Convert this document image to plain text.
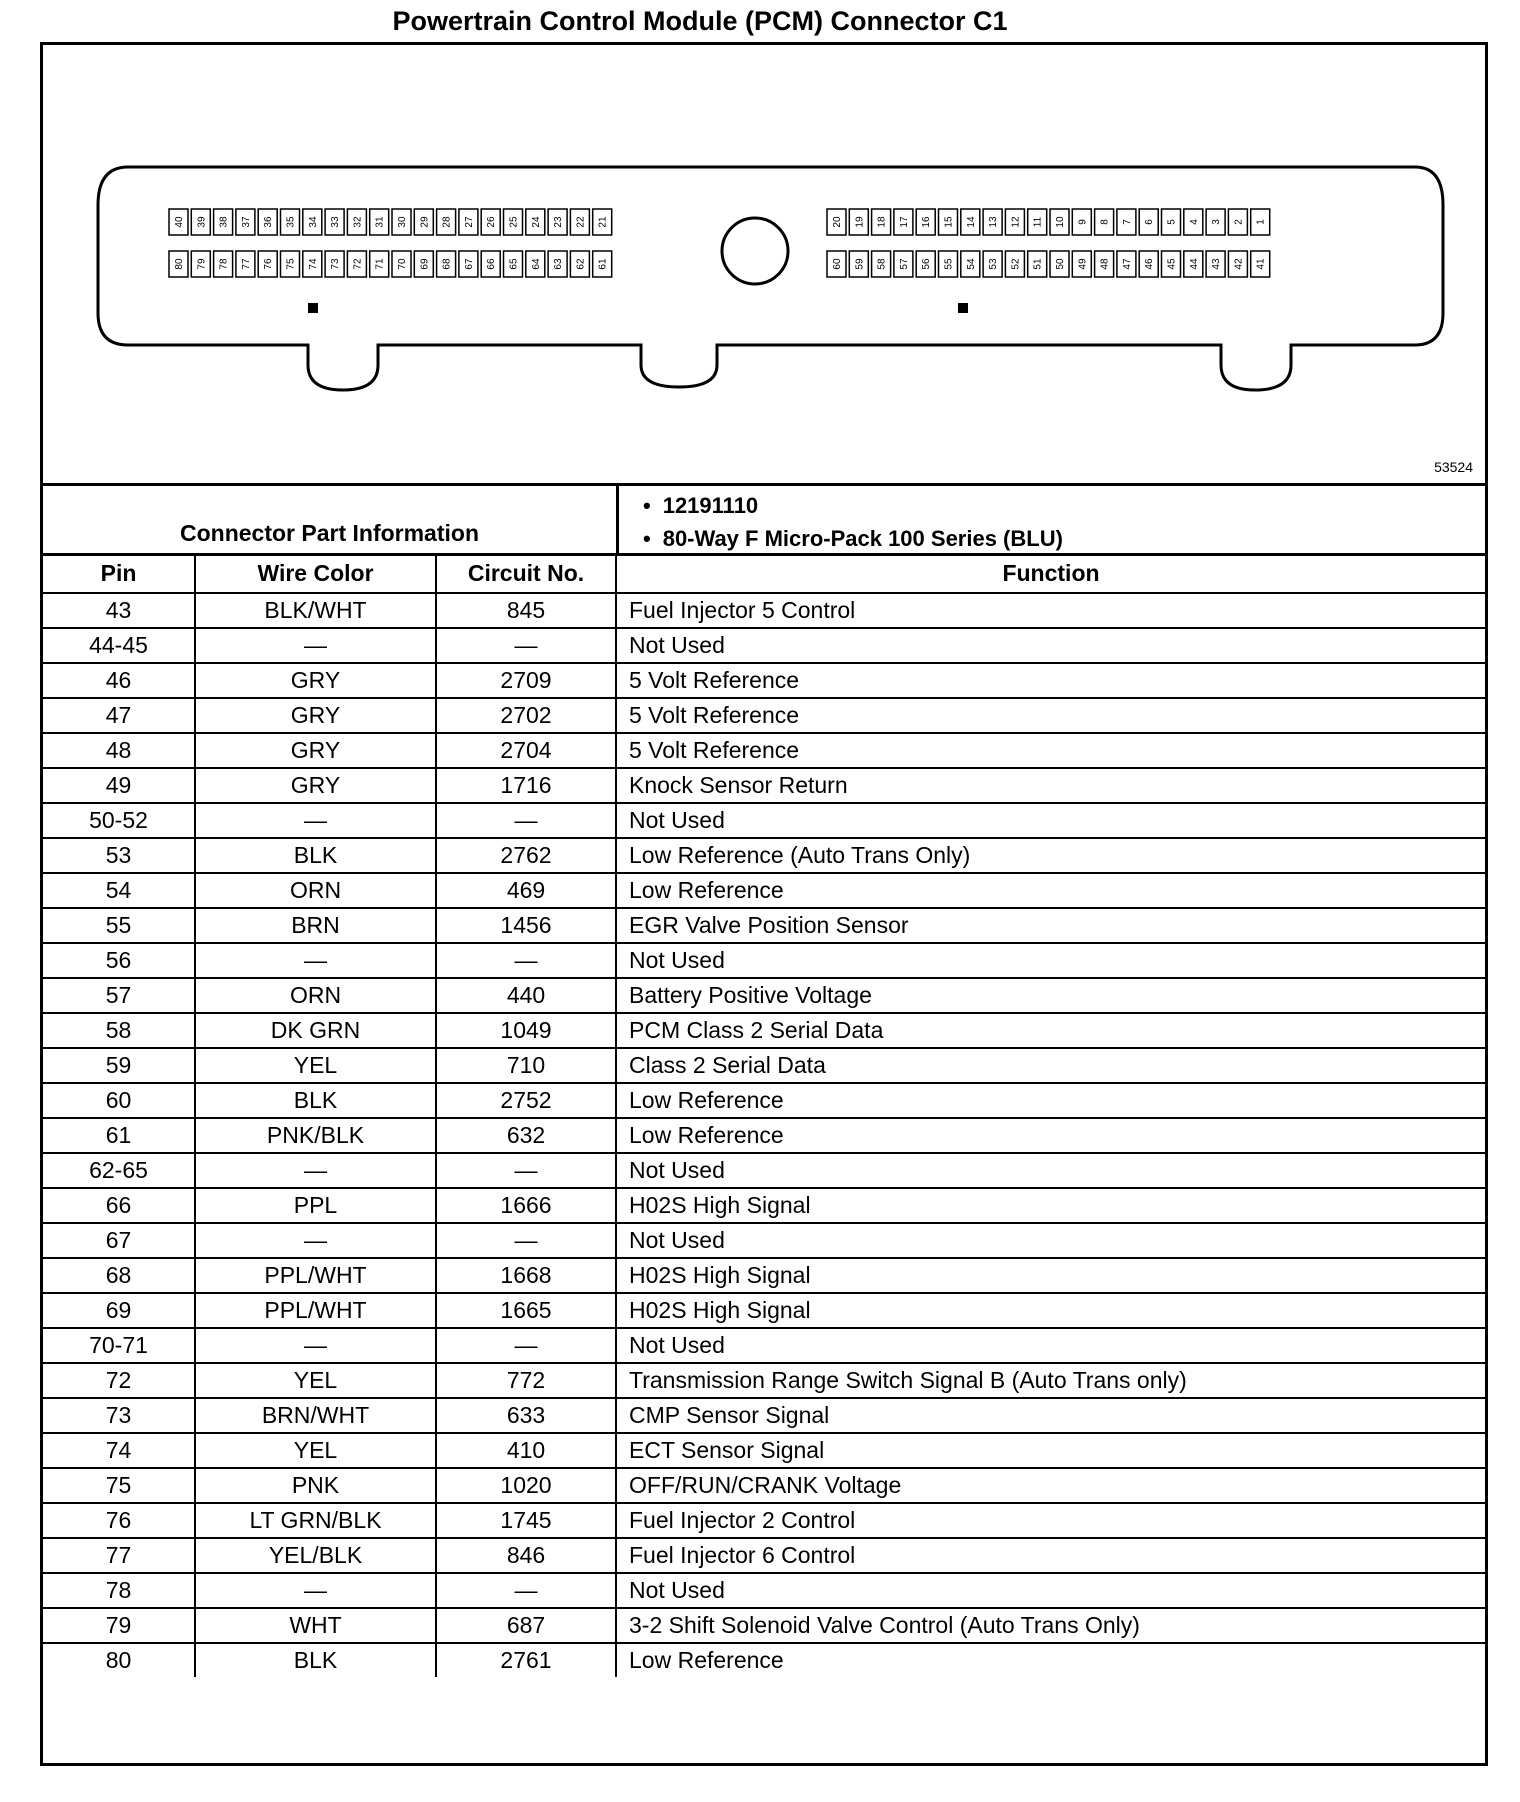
Powertrain Control Module (PCM) Connector C1
40 39 38 37 36 35 34 33 32 31 30 29 28 27 26 25 24 23 22 21
80 79 78 77 76 75 74 73 72 71 70 69 68 67 66 65 64 63 62 61
20 19 18 17 16 15 14 13 12 11 10 9 8 7 6 5 4 3 2 1
60 59 58 57 56 55 54 53 52 51 50 49 48 47 46 45 44 43 42 41
53524
Connector Part Information
• 12191110
• 80-Way F Micro-Pack 100 Series (BLU)
Pin	Wire Color	Circuit No.	Function
43	BLK/WHT	845	Fuel Injector 5 Control
44-45	—	—	Not Used
46	GRY	2709	5 Volt Reference
47	GRY	2702	5 Volt Reference
48	GRY	2704	5 Volt Reference
49	GRY	1716	Knock Sensor Return
50-52	—	—	Not Used
53	BLK	2762	Low Reference (Auto Trans Only)
54	ORN	469	Low Reference
55	BRN	1456	EGR Valve Position Sensor
56	—	—	Not Used
57	ORN	440	Battery Positive Voltage
58	DK GRN	1049	PCM Class 2 Serial Data
59	YEL	710	Class 2 Serial Data
60	BLK	2752	Low Reference
61	PNK/BLK	632	Low Reference
62-65	—	—	Not Used
66	PPL	1666	H02S High Signal
67	—	—	Not Used
68	PPL/WHT	1668	H02S High Signal
69	PPL/WHT	1665	H02S High Signal
70-71	—	—	Not Used
72	YEL	772	Transmission Range Switch Signal B (Auto Trans only)
73	BRN/WHT	633	CMP Sensor Signal
74	YEL	410	ECT Sensor Signal
75	PNK	1020	OFF/RUN/CRANK Voltage
76	LT GRN/BLK	1745	Fuel Injector 2 Control
77	YEL/BLK	846	Fuel Injector 6 Control
78	—	—	Not Used
79	WHT	687	3-2 Shift Solenoid Valve Control (Auto Trans Only)
80	BLK	2761	Low Reference
